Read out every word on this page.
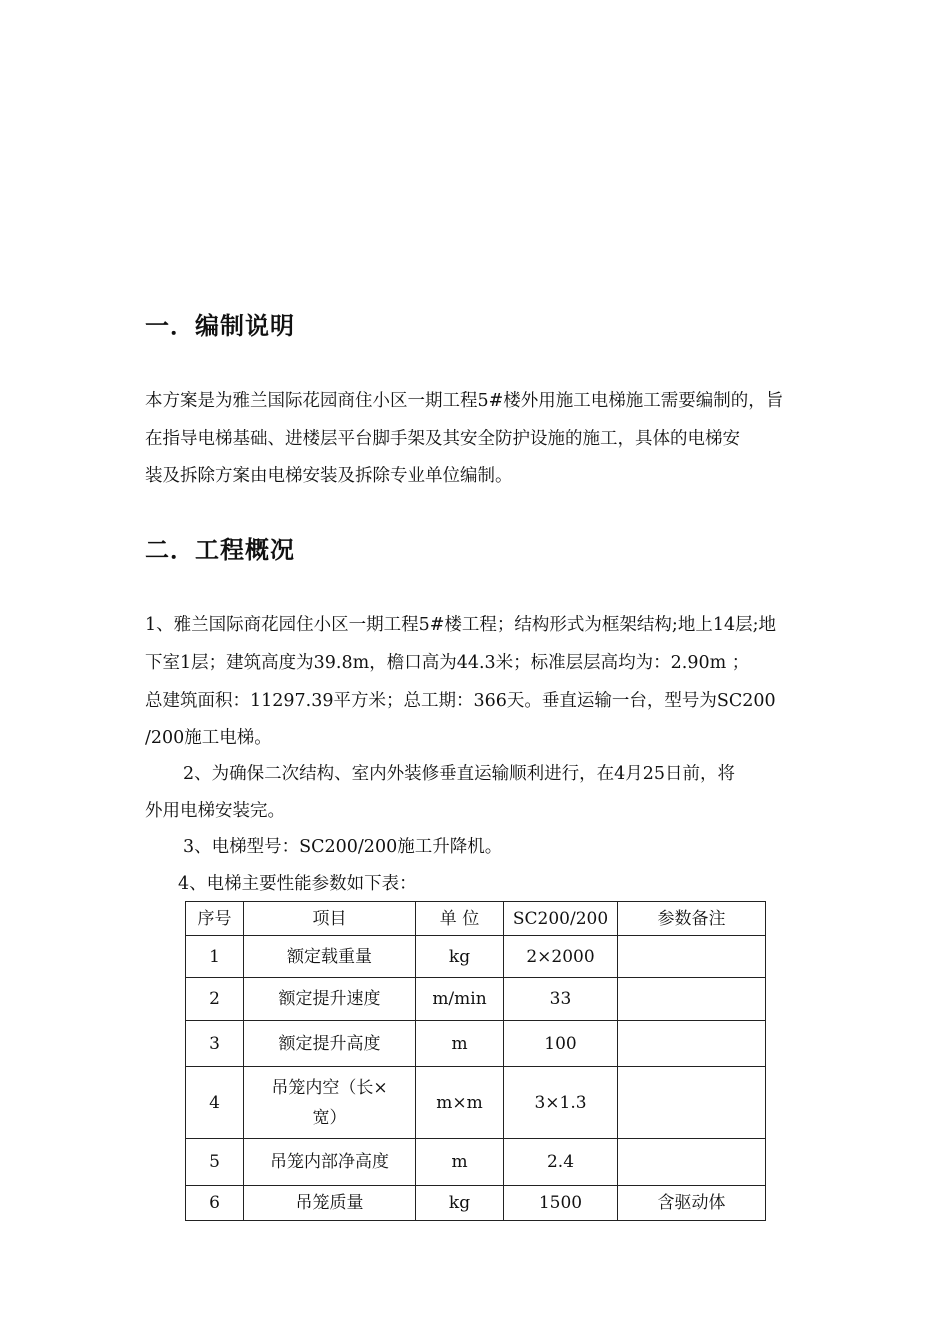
一．编制说明

本方案是为雅兰国际花园商住小区一期工程5#楼外用施工电梯施工需要编制的，旨

在指导电梯基础、进楼层平台脚手架及其安全防护设施的施工，具体的电梯安

装及拆除方案由电梯安装及拆除专业单位编制。

二．工程概况

1、雅兰国际商花园住小区一期工程5#楼工程；结构形式为框架结构;地上14层;地

下室1层；建筑高度为39.8m，檐口高为44.3米；标准层层高均为：2.90m ；

总建筑面积：11297.39平方米；总工期：366天。垂直运输一台，型号为SC200

/200施工电梯。

2、为确保二次结构、室内外装修垂直运输顺利进行，在4月25日前，将

外用电梯安装完。

3、电梯型号：SC200/200施工升降机。

4、电梯主要性能参数如下表：

序号	项目	单 位	SC200/200	参数备注
1	额定载重量	kg	2×2000	
2	额定提升速度	m/min	33	
3	额定提升高度	m	100	
4	吊笼内空（长×
宽）	m×m	3×1.3	
5	吊笼内部净高度	m	2.4	
6	吊笼质量	kg	1500	含驱动体
